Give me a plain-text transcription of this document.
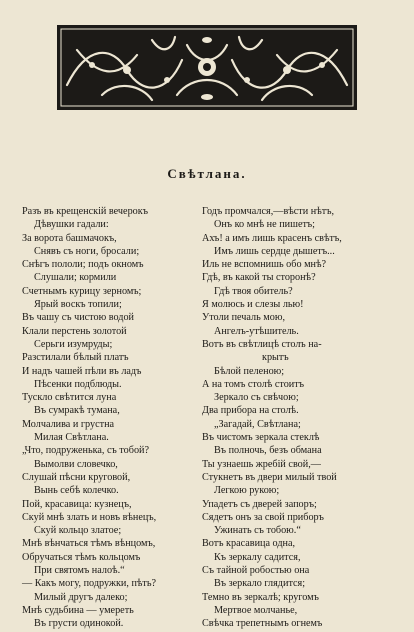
Свѣтлана.
Разъ въ крещенскій вечерокъ
Дѣвушки гадали:
За ворота башмачокъ,
Снявъ съ ноги, бросали;
Снѣгъ пололи; подъ окномъ
Слушали; кормили
Счетнымъ курицу зерномъ;
Ярый воскъ топили;
Въ чашу съ чистою водой
Клали перстень золотой
Серьги изумруды;
Разстилали бѣлый платъ
И надъ чашей пѣли въ ладъ
Пѣсенки подблюды.
Тускло свѣтится луна
Въ сумракѣ тумана,
Молчалива и грустна
Милая Свѣтлана.
„Что, подруженька, съ тобой?
Вымолви словечко,
Слушай пѣсни круговой,
Вынь себѣ колечко.
Пой, красавица: кузнецъ,
Скуй мнѣ злать и новъ вѣнецъ,
Скуй кольцо златое;
Мнѣ вѣнчаться тѣмъ вѣнцомъ,
Обручаться тѣмъ кольцомъ
При святомъ налоѣ.“
— Какъ могу, подружки, пѣть?
Милый другъ далеко;
Мнѣ судьбина — умереть
Въ грусти одинокой.
Годъ промчался,—вѣсти нѣтъ,
Онъ ко мнѣ не пишетъ;
Ахъ! а имъ лишь красенъ свѣтъ,
Имъ лишь сердце дышетъ...
Иль не вспомнишь обо мнѣ?
Гдѣ, въ какой ты сторонѣ?
Гдѣ твоя обитель?
Я молюсь и слезы лью!
Утоли печаль мою,
Ангелъ-утѣшитель.
Вотъ въ свѣтлицѣ столъ на-
крытъ
Бѣлой пеленою;
А на томъ столѣ стоитъ
Зеркало съ свѣчою;
Два прибора на столѣ.
„Загадай, Свѣтлана;
Въ чистомъ зеркала стеклѣ
Въ полночь, безъ обмана
Ты узнаешь жребій свой,—
Стукнетъ въ двери милый твой
Легкою рукою;
Упадетъ съ дверей запоръ;
Сядетъ онъ за свой приборъ
Ужинать съ тобою.“
Вотъ красавица одна,
Къ зеркалу садится,
Съ тайной робостью она
Въ зеркало глядится;
Темно въ зеркалѣ; кругомъ
Мертвое молчанье,
Свѣчка трепетнымъ огнемъ
